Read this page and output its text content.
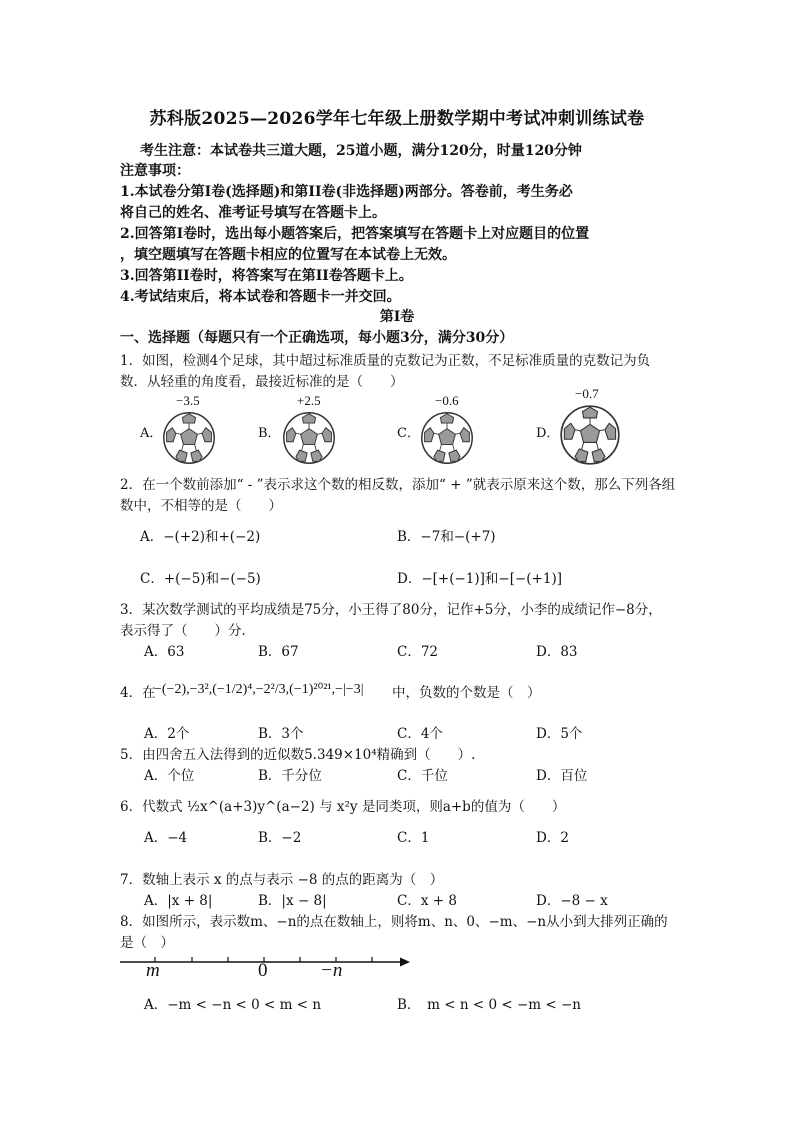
苏科版2025—2026学年七年级上册数学期中考试冲刺训练试卷
考生注意：本试卷共三道大题，25道小题，满分120分，时量120分钟
注意事项：
1.本试卷分第Ⅰ卷(选择题)和第II卷(非选择题)两部分。答卷前，考生务必
将自己的姓名、准考证号填写在答题卡上。
2.回答第Ⅰ卷时，选出每小题答案后，把答案填写在答题卡上对应题目的位置
，填空题填写在答题卡相应的位置写在本试卷上无效。
3.回答第II卷时，将答案写在第II卷答题卡上。
4.考试结束后，将本试卷和答题卡一并交回。
第Ⅰ卷
一、选择题（每题只有一个正确选项，每小题3分，满分30分）
1．如图，检测4个足球，其中超过标准质量的克数记为正数，不足标准质量的克数记为负
数．从轻重的角度看，最接近标准的是（　　）
−3.5
A．
+2.5
B．
−0.6
C．
−0.7
D．
2．在一个数前添加“ - ”表示求这个数的相反数，添加“ + ”就表示原来这个数，那么下列各组
数中，不相等的是（　　）
A．−(+2)和+(−2)	B．−7和−(+7)
C．+(−5)和−(−5)	D．−[+(−1)]和−[−(+1)]
3．某次数学测试的平均成绩是75分，小王得了80分，记作+5分，小李的成绩记作−8分，
表示得了（　　）分．
A．63	B．67	C．72	D．83
4．在
−(−2),−3²,(−1/2)⁴,−2²/3,(−1)²⁰²¹,−|−3| 中，负数的个数是（　）
A．2个	B．3个	C．4个	D．5个
5．由四舍五入法得到的近似数5.349×10⁴精确到（　　）.
A．个位	B．千分位	C．千位	D．百位
6．代数式 ½x^(a+3)y^(a−2) 与 x²y 是同类项，则a+b的值为（　　）
A．−4	B．−2	C．1	D．2
7．数轴上表示 x 的点与表示 −8 的点的距离为（　）
A．|x + 8|	B．|x − 8|	C．x + 8	D．−8 − x
8．如图所示，表示数m、−n的点在数轴上，则将m、n、0、−m、−n从小到大排列正确的
是（　）
m	0	−n
A．−m < −n < 0 < m < n	B．　m < n < 0 < −m < −n
